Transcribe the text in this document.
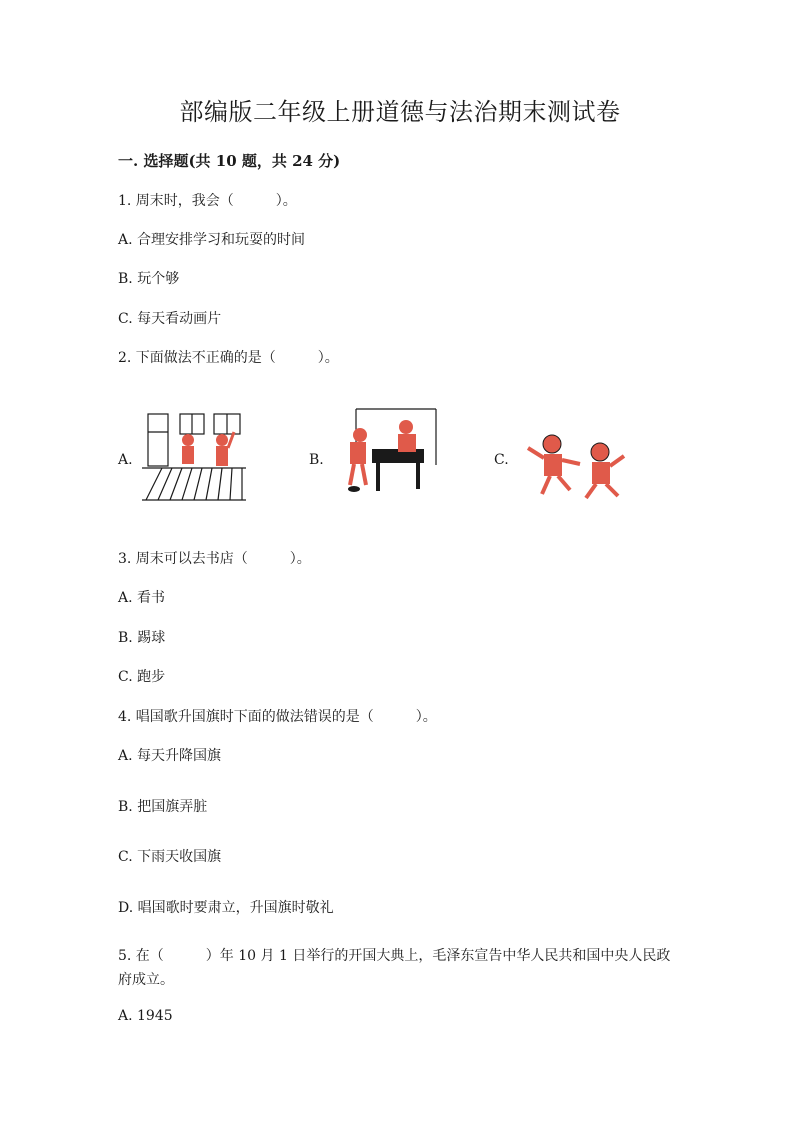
部编版二年级上册道德与法治期末测试卷
一. 选择题(共 10 题，共 24 分)
1. 周末时，我会（　　　）。
A. 合理安排学习和玩耍的时间
B. 玩个够
C. 每天看动画片
2. 下面做法不正确的是（　　　）。
A.	B.	C.
3. 周末可以去书店（　　　）。
A. 看书
B. 踢球
C. 跑步
4. 唱国歌升国旗时下面的做法错误的是（　　　）。
A. 每天升降国旗
B. 把国旗弄脏
C. 下雨天收国旗
D. 唱国歌时要肃立，升国旗时敬礼
5. 在（　　　）年 10 月 1 日举行的开国大典上，毛泽东宣告中华人民共和国中央人民政府成立。
A. 1945
